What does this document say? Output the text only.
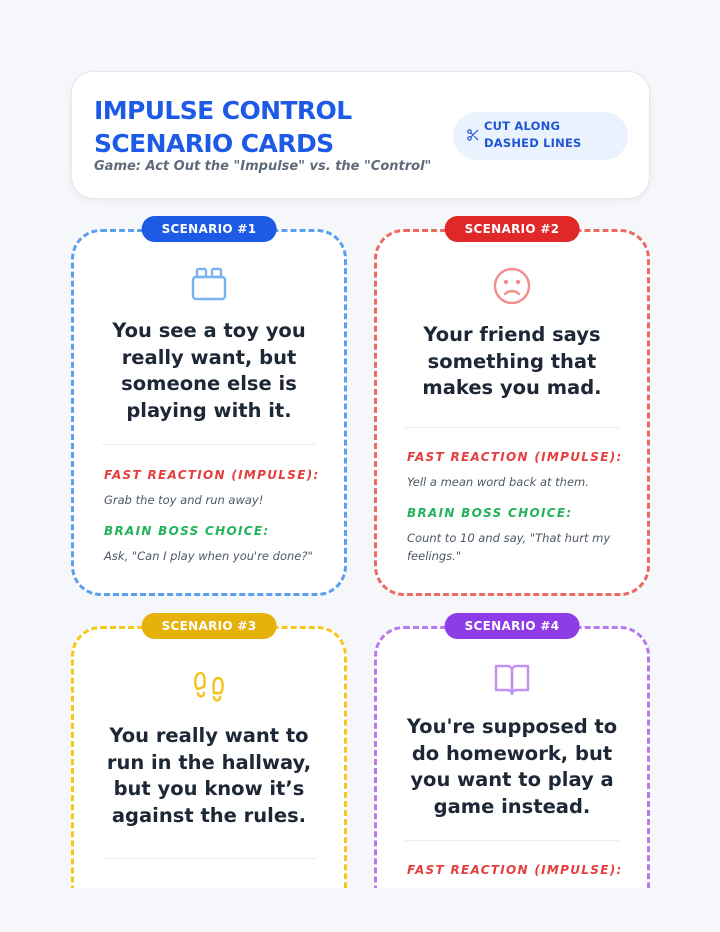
IMPULSE CONTROL SCENARIO CARDS
Game: Act Out the "Impulse" vs. the "Control"
CUT ALONG DASHED LINES
SCENARIO #1
You see a toy you really want, but someone else is playing with it.
FAST REACTION (IMPULSE):
Grab the toy and run away!
BRAIN BOSS CHOICE:
Ask, "Can I play when you're done?"
SCENARIO #2
Your friend says something that makes you mad.
FAST REACTION (IMPULSE):
Yell a mean word back at them.
BRAIN BOSS CHOICE:
Count to 10 and say, "That hurt my feelings."
SCENARIO #3
You really want to run in the hallway, but you know it’s against the rules.
SCENARIO #4
You're supposed to do homework, but you want to play a game instead.
FAST REACTION (IMPULSE):
